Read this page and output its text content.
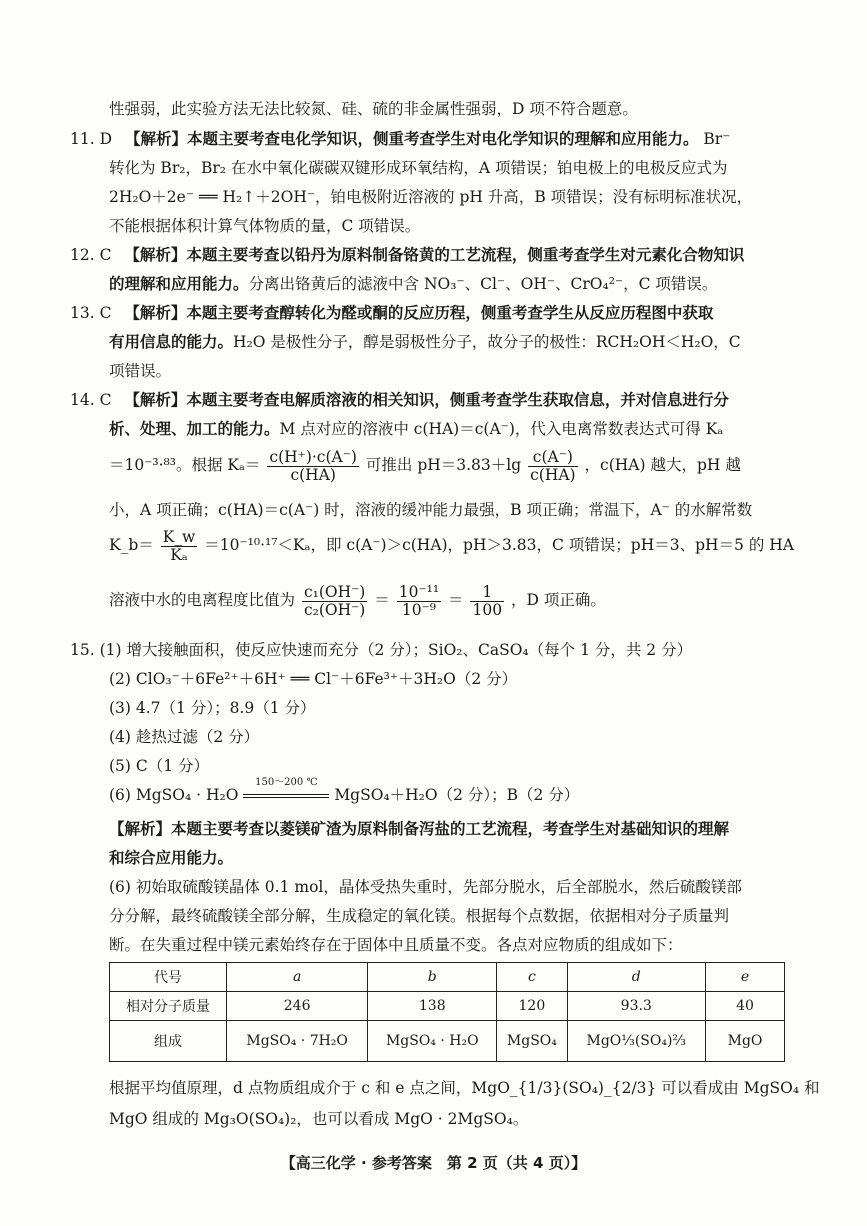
性强弱，此实验方法无法比较氮、硅、硫的非金属性强弱，D 项不符合题意。
11. D 【解析】本题主要考查电化学知识，侧重考查学生对电化学知识的理解和应用能力。 Br⁻
转化为 Br₂，Br₂ 在水中氧化碳碳双键形成环氧结构，A 项错误；铂电极上的电极反应式为
2H₂O＋2e⁻ ══ H₂↑＋2OH⁻，铂电极附近溶液的 pH 升高，B 项错误；没有标明标准状况，
不能根据体积计算气体物质的量，C 项错误。
12. C 【解析】本题主要考查以铅丹为原料制备铬黄的工艺流程，侧重考查学生对元素化合物知识
的理解和应用能力。分离出铬黄后的滤液中含 NO₃⁻、Cl⁻、OH⁻、CrO₄²⁻，C 项错误。
13. C 【解析】本题主要考查醇转化为醛或酮的反应历程，侧重考查学生从反应历程图中获取
有用信息的能力。H₂O 是极性分子，醇是弱极性分子，故分子的极性：RCH₂OH＜H₂O，C
项错误。
14. C 【解析】本题主要考查电解质溶液的相关知识，侧重考查学生获取信息，并对信息进行分
析、处理、加工的能力。M 点对应的溶液中 c(HA)＝c(A⁻)，代入电离常数表达式可得 Kₐ
＝10⁻³·⁸³。根据 $K_a= \frac{c(H^+)\cdot c(A^-)}{c(HA)}$ 可推出 $pH=3.83+\lg \frac{c(A^-)}{c(HA)}$ ，c(HA) 越大，pH 越
小，A 项正确；c(HA)＝c(A⁻) 时，溶液的缓冲能力最强，B 项正确；常温下，A⁻ 的水解常数
K_b＝ $\frac{K\_w}{\text{Kₐ}} =10^{-10}\cdot^{17}<K_a$，即 c(A⁻)＞c(HA)，pH＞3.83，C 项错误；pH＝3、pH＝5 的 HA
溶液中水的电离程度比值为 $\frac{\text{c₁(OH⁻)}}{\text{c₂(OH⁻)}} = \frac{\text{10⁻¹¹}}{\text{10⁻⁹}} = \frac{1}{100}$ ，D 项正确。
15. (1) 增大接触面积，使反应快速而充分（2 分）；SiO₂、CaSO₄（每个 1 分，共 2 分）
(2) ClO₃⁻＋6Fe²⁺＋6H⁺ ══ Cl⁻＋6Fe³⁺＋3H₂O（2 分）
(3) 4.7（1 分）；8.9（1 分）
(4) 趁热过滤（2 分）
(5) C（1 分）
(6) MgSO₄ · H₂O
150～200 ℃
MgSO₄＋H₂O（2 分）；B（2 分）
【解析】本题主要考查以菱镁矿渣为原料制备泻盐的工艺流程，考查学生对基础知识的理解
和综合应用能力。
(6) 初始取硫酸镁晶体 0.1 mol，晶体受热失重时，先部分脱水，后全部脱水，然后硫酸镁部
分分解，最终硫酸镁全部分解，生成稳定的氧化镁。根据每个点数据，依据相对分子质量判
断。在失重过程中镁元素始终存在于固体中且质量不变。各点对应物质的组成如下：
代号	a	b	c	d	e
相对分子质量	246	138	120	93.3	40
组成	MgSO₄ · 7H₂O	MgSO₄ · H₂O	MgSO₄	MgO⅓(SO₄)⅔	MgO
根据平均值原理，d 点物质组成介于 c 和 e 点之间，MgO_{1/3}(SO₄)_{2/3} 可以看成由 MgSO₄ 和
MgO 组成的 Mg₃O(SO₄)₂，也可以看成 MgO · 2MgSO₄。
【高三化学 · 参考答案　第 2 页（共 4 页）】
